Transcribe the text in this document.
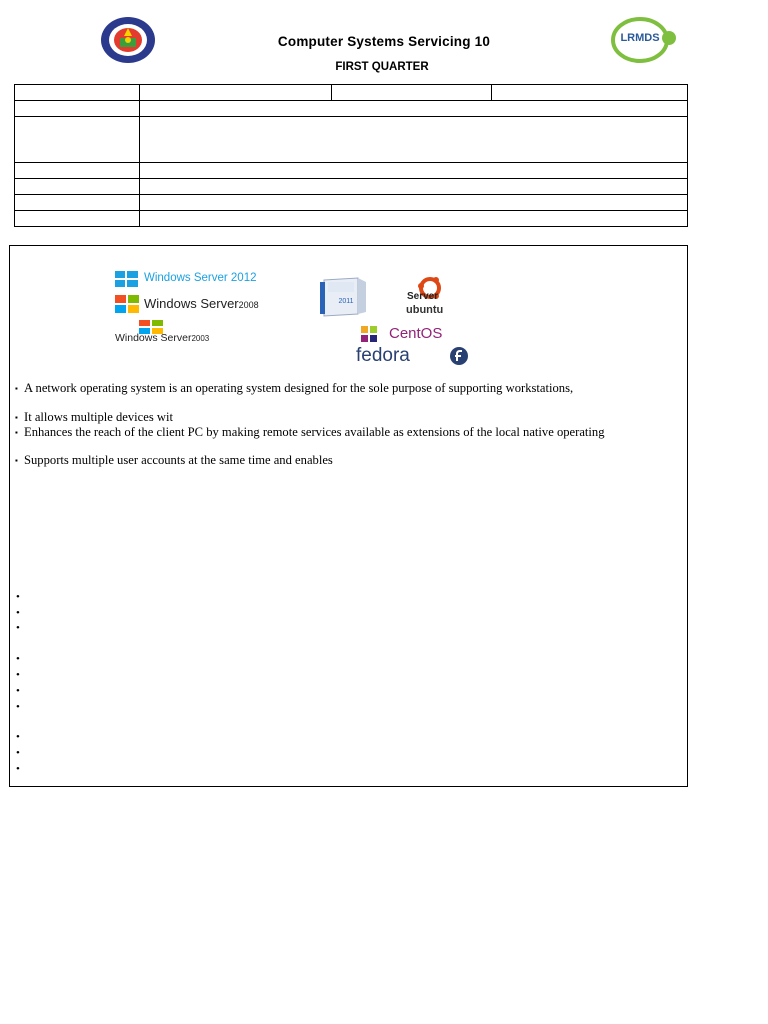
Computer Systems Servicing 10
FIRST QUARTER
LRMDS

Windows Server 2012
Windows Server2008
Windows Server2003
2011	Server
ubuntu
CentOS
fedora
▪ A network operating system is an operating system designed for the sole purpose of supporting workstations,
▪ It allows multiple devices wit
▪ Enhances the reach of the client PC by making remote services available as extensions of the local native operating
▪ Supports multiple user accounts at the same time and enables
•
•
•
•
•
•
•
•
•
•
